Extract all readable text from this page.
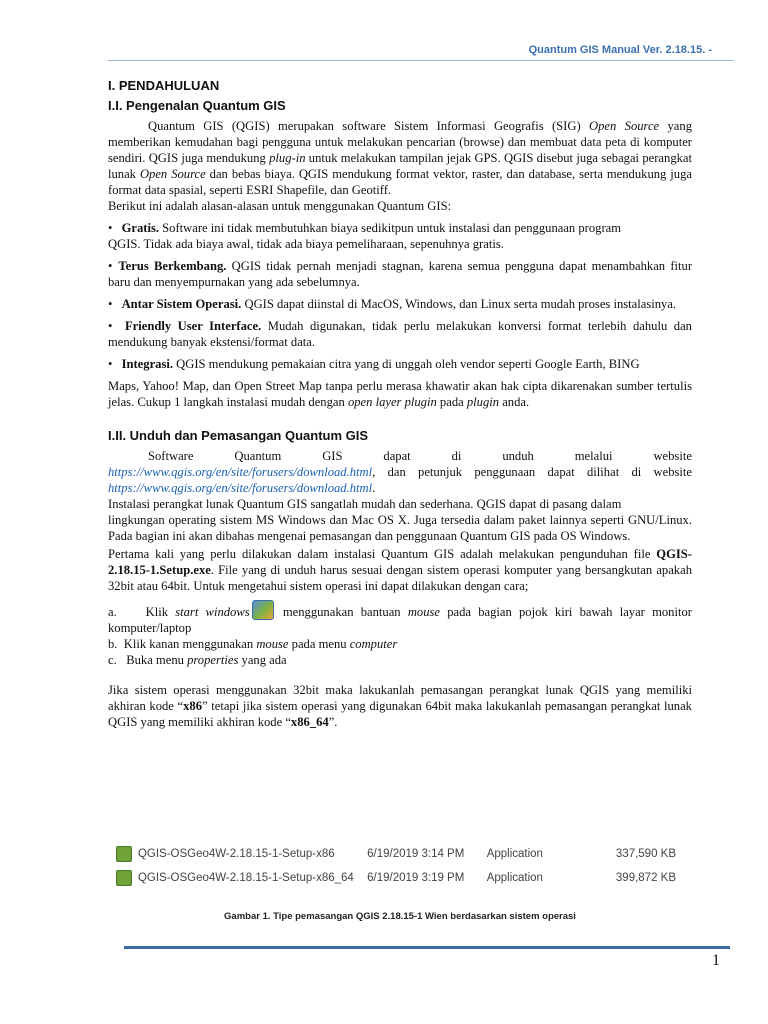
Quantum GIS Manual Ver. 2.18.15. -
I. PENDAHULUAN
I.I. Pengenalan Quantum GIS

Quantum GIS (QGIS) merupakan software Sistem Informasi Geografis (SIG) Open Source yang memberikan kemudahan bagi pengguna untuk melakukan pencarian (browse) dan membuat data peta di komputer sendiri. QGIS juga mendukung plug-in untuk melakukan tampilan jejak GPS. QGIS disebut juga sebagai perangkat lunak Open Source dan bebas biaya. QGIS mendukung format vektor, raster, dan database, serta mendukung juga format data spasial, seperti ESRI Shapefile, dan Geotiff.

Berikut ini adalah alasan-alasan untuk menggunakan Quantum GIS:

• Gratis. Software ini tidak membutuhkan biaya sedikitpun untuk instalasi dan penggunaan program

QGIS. Tidak ada biaya awal, tidak ada biaya pemeliharaan, sepenuhnya gratis.

• Terus Berkembang. QGIS tidak pernah menjadi stagnan, karena semua pengguna dapat menambahkan fitur baru dan menyempurnakan yang ada sebelumnya.

• Antar Sistem Operasi. QGIS dapat diinstal di MacOS, Windows, dan Linux serta mudah proses instalasinya.

• Friendly User Interface. Mudah digunakan, tidak perlu melakukan konversi format terlebih dahulu dan mendukung banyak ekstensi/format data.

• Integrasi. QGIS mendukung pemakaian citra yang di unggah oleh vendor seperti Google Earth, BING

Maps, Yahoo! Map, dan Open Street Map tanpa perlu merasa khawatir akan hak cipta dikarenakan sumber tertulis jelas. Cukup 1 langkah instalasi mudah dengan open layer plugin pada plugin anda.

I.II. Unduh dan Pemasangan Quantum GIS

Software	Quantum	GIS	dapat	di	unduh	melalui	website

https://www.qgis.org/en/site/forusers/download.html, dan petunjuk penggunaan dapat dilihat di website https://www.qgis.org/en/site/forusers/download.html.

Instalasi perangkat lunak Quantum GIS sangatlah mudah dan sederhana. QGIS dapat di pasang dalam

lingkungan operating sistem MS Windows dan Mac OS X. Juga tersedia dalam paket lainnya seperti GNU/Linux. Pada bagian ini akan dibahas mengenai pemasangan dan penggunaan Quantum GIS pada OS Windows.

Pertama kali yang perlu dilakukan dalam instalasi Quantum GIS adalah melakukan pengunduhan file QGIS-2.18.15-1.Setup.exe. File yang di unduh harus sesuai dengan sistem operasi komputer yang bersangkutan apakah 32bit atau 64bit. Untuk mengetahui sistem operasi ini dapat dilakukan dengan cara;

a. Klik start windows menggunakan bantuan mouse pada bagian pojok kiri bawah layar monitor komputer/laptop

b. Klik kanan menggunakan mouse pada menu computer

c. Buka menu properties yang ada

Jika sistem operasi menggunakan 32bit maka lakukanlah pemasangan perangkat lunak QGIS yang memiliki akhiran kode “x86” tetapi jika sistem operasi yang digunakan 64bit maka lakukanlah pemasangan perangkat lunak QGIS yang memiliki akhiran kode “x86_64”.

QGIS-OSGeo4W-2.18.15-1-Setup-x86	6/19/2019 3:14 PM	Application	337,590 KB
QGIS-OSGeo4W-2.18.15-1-Setup-x86_64	6/19/2019 3:19 PM	Application	399,872 KB
Gambar 1. Tipe pemasangan QGIS 2.18.15-1 Wien berdasarkan sistem operasi
1
